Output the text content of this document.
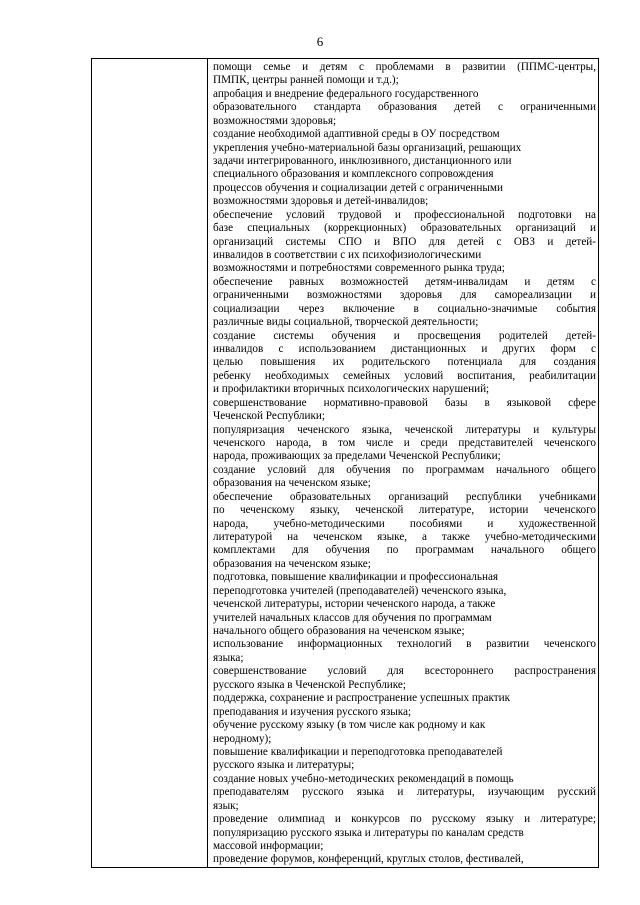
6
помощи семье и детям с проблемами в развитии (ППМС-центры,
ПМПК, центры ранней помощи и т.д.);
апробация и внедрение федерального государственного
образовательного стандарта образования детей с ограниченными
возможностями здоровья;
создание необходимой адаптивной среды в ОУ посредством
укрепления учебно-материальной базы организаций, решающих
задачи интегрированного, инклюзивного, дистанционного или
специального образования и комплексного сопровождения
процессов обучения и социализации детей с ограниченными
возможностями здоровья и детей-инвалидов;
обеспечение условий трудовой и профессиональной подготовки на
базе специальных (коррекционных) образовательных организаций и
организаций системы СПО и ВПО для детей с ОВЗ и детей-
инвалидов в соответствии с их психофизиологическими
возможностями и потребностями современного рынка труда;
обеспечение равных возможностей детям-инвалидам и детям с
ограниченными возможностями здоровья для самореализации и
социализации через включение в социально-значимые события
различные виды социальной, творческой деятельности;
создание системы обучения и просвещения родителей детей-
инвалидов с использованием дистанционных и других форм с
целью повышения их родительского потенциала для создания
ребенку необходимых семейных условий воспитания, реабилитации
и профилактики вторичных психологических нарушений;
совершенствование нормативно-правовой базы в языковой сфере
Чеченской Республики;
популяризация чеченского языка, чеченской литературы и культуры
чеченского народа, в том числе и среди представителей чеченского
народа, проживающих за пределами Чеченской Республики;
создание условий для обучения по программам начального общего
образования на чеченском языке;
обеспечение образовательных организаций республики учебниками
по чеченскому языку, чеченской литературе, истории чеченского
народа, учебно-методическими пособиями и художественной
литературой на чеченском языке, а также учебно-методическими
комплектами для обучения по программам начального общего
образования на чеченском языке;
подготовка, повышение квалификации и профессиональная
переподготовка учителей (преподавателей) чеченского языка,
чеченской литературы, истории чеченского народа, а также
учителей начальных классов для обучения по программам
начального общего образования на чеченском языке;
использование информационных технологий в развитии чеченского
языка;
совершенствование условий для всестороннего распространения
русского языка в Чеченской Республике;
поддержка, сохранение и распространение успешных практик
преподавания и изучения русского языка;
обучение русскому языку (в том числе как родному и как
неродному);
повышение квалификации и переподготовка преподавателей
русского языка и литературы;
создание новых учебно-методических рекомендаций в помощь
преподавателям русского языка и литературы, изучающим русский
язык;
проведение олимпиад и конкурсов по русскому языку и литературе;
популяризацию русского языка и литературы по каналам средств
массовой информации;
проведение форумов, конференций, круглых столов, фестивалей,
